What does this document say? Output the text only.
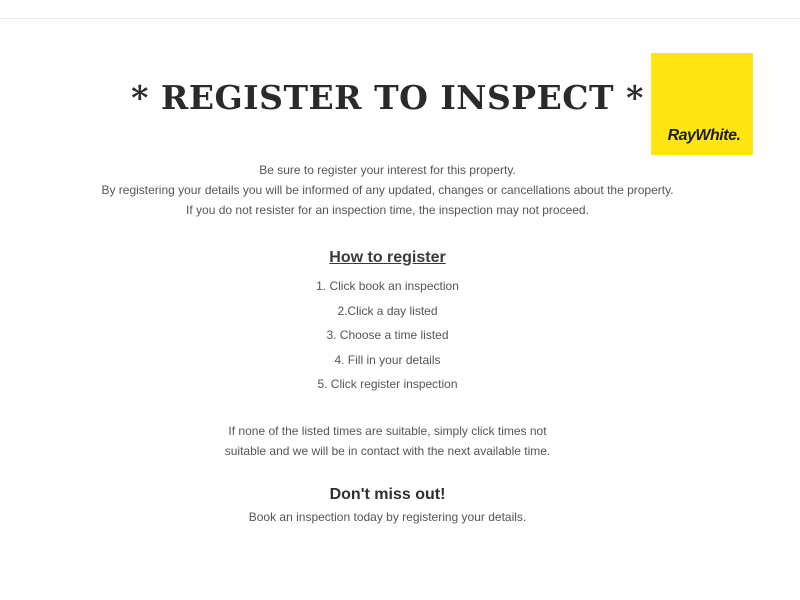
* REGISTER TO INSPECT *
RayWhite.
Be sure to register your interest for this property.
By registering your details you will be informed of any updated, changes or cancellations about the property.
If you do not resister for an inspection time, the inspection may not proceed.
How to register
1. Click book an inspection
2.Click a day listed
3. Choose a time listed
4. Fill in your details
5. Click register inspection
If none of the listed times are suitable, simply click times not
suitable and we will be in contact with the next available time.
Don't miss out!
Book an inspection today by registering your details.
